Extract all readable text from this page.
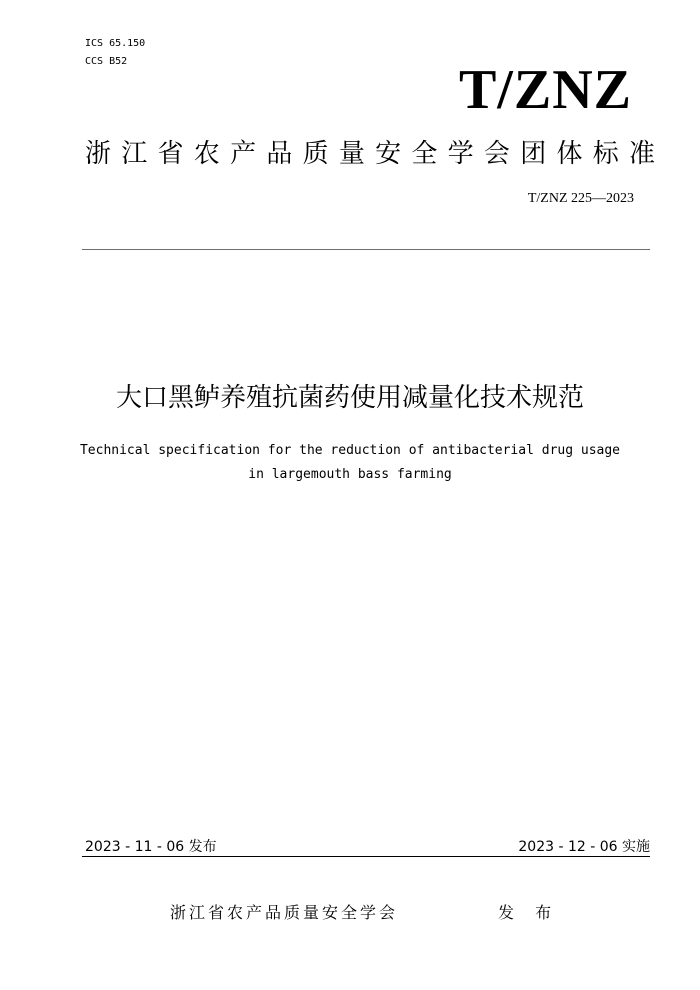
ICS 65.150
CCS B52	T/ZNZ
浙江省农产品质量安全学会团体标准
T/ZNZ 225—2023
大口黑鲈养殖抗菌药使用减量化技术规范
Technical specification for the reduction of antibacterial drug usage
in largemouth bass farming
2023 - 11 - 06 发布	2023 - 12 - 06 实施
浙江省农产品质量安全学会	发 布
